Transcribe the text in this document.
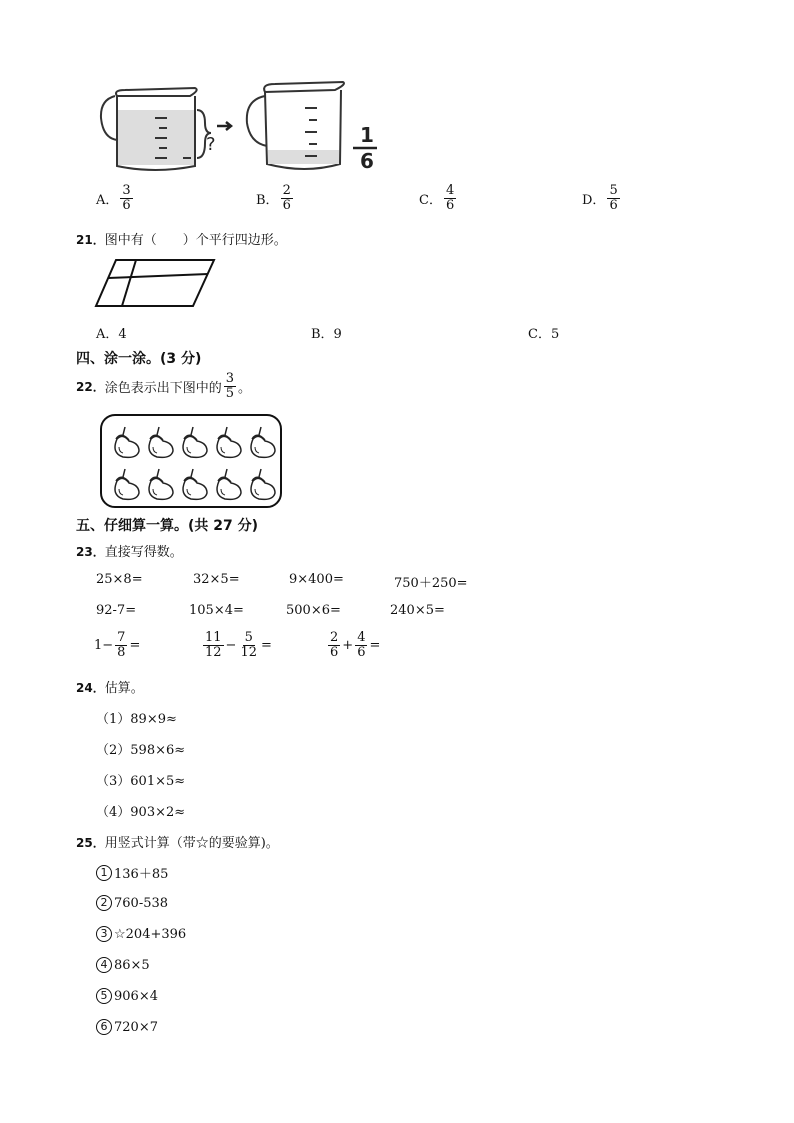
?	1
6
A． $\frac{3}{6}$	B． $\frac{2}{6}$	C． $\frac{4}{6}$	D． $\frac{5}{6}$
21．图中有（　　）个平行四边形。
A．4	B．9	C．5
四、涂一涂。(3 分)
22． 涂色表示出下图中的 $\frac{3}{5}$ 。
五、仔细算一算。(共 27 分)
23．直接写得数。
25×8=	32×5=	9×400=	750＋250=
92-7=	105×4=	500×6=	240×5=
$1- \frac{7}{8}$ =	$\frac{11}{12} - \frac{5}{12}$ =	$\frac{2}{6} + \frac{4}{6}$ =
24．估算。
（1）89×9≈
（2）598×6≈
（3）601×5≈
（4）903×2≈
25．用竖式计算（带☆的要验算)。
1 136＋85
2 760-538
3 ☆204+396
4 86×5
5 906×4
6 720×7
